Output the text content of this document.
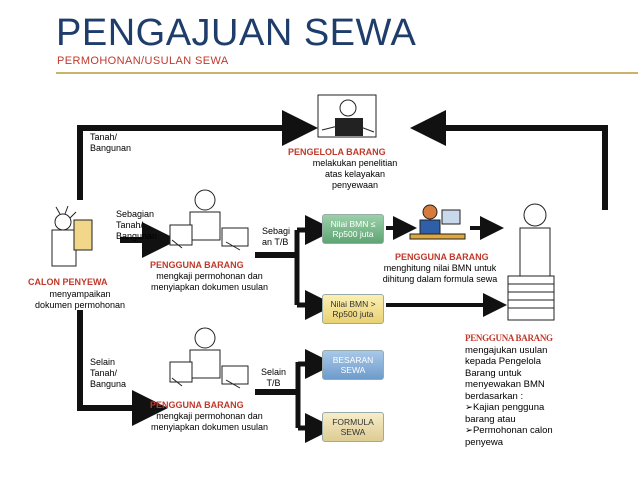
PENGAJUAN SEWA
PERMOHONAN/USULAN SEWA
Tanah/
Bangunan
Sebagian
Tanah/
Bangunan
Selain
Tanah/
Banguna
Sebagi
an T/B
Selain
T/B
PENGELOLA BARANG
melakukan penelitian
atas kelayakan
penyewaan
CALON PENYEWA
menyampaikan
dokumen permohonan
PENGGUNA BARANG
mengkaji permohonan dan
menyiapkan dokumen usulan
PENGGUNA BARANG
mengkaji permohonan dan
menyiapkan dokumen usulan
PENGGUNA BARANG
menghitung nilai BMN untuk
dihitung dalam formula sewa
PENGGUNA BARANG
mengajukan usulan
kepada Pengelola
Barang untuk
menyewakan BMN
berdasarkan :
➢Kajian pengguna
barang atau
➢Permohonan calon
penyewa
Nilai BMN ≤
Rp500 juta
Nilai BMN >
Rp500 juta
BESARAN
SEWA
FORMULA
SEWA
